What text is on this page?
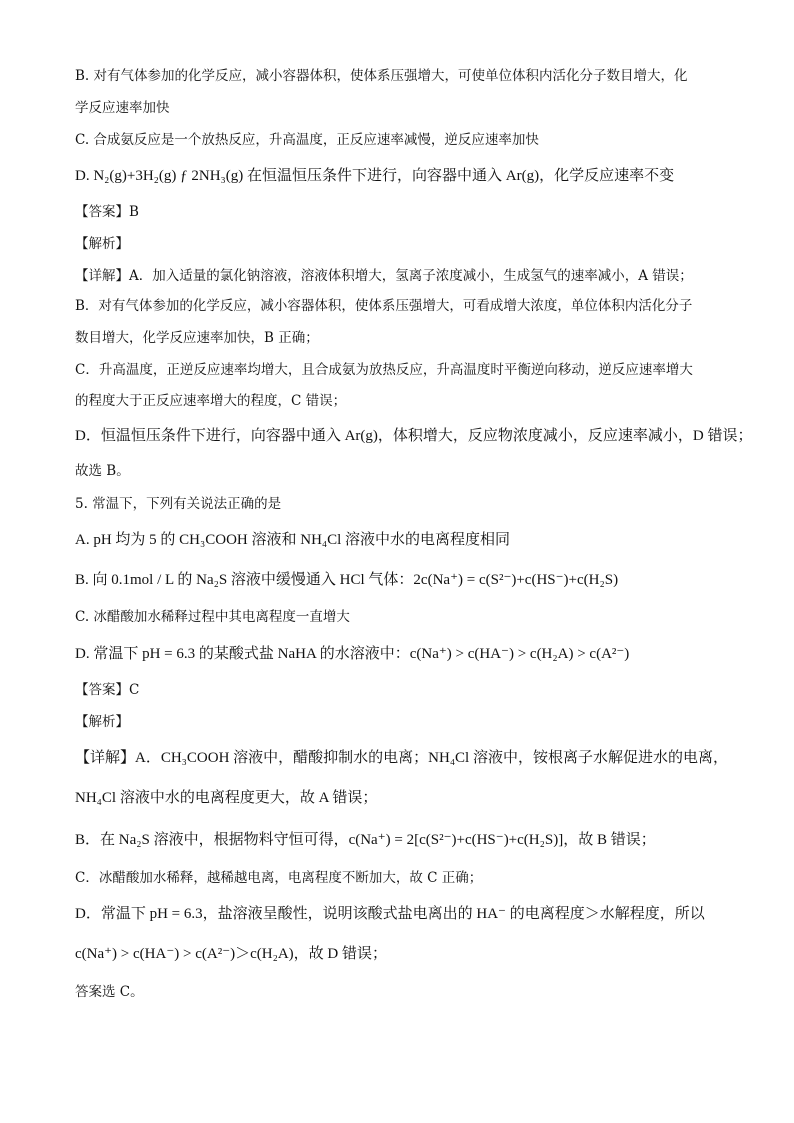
B. 对有气体参加的化学反应，减小容器体积，使体系压强增大，可使单位体积内活化分子数目增大，化
学反应速率加快
C. 合成氨反应是一个放热反应，升高温度，正反应速率减慢，逆反应速率加快
D. N₂(g)+3H₂(g) ƒ 2NH₃(g) 在恒温恒压条件下进行，向容器中通入 Ar(g)，化学反应速率不变
【答案】B
【解析】
【详解】A．加入适量的氯化钠溶液，溶液体积增大，氢离子浓度减小，生成氢气的速率减小，A 错误；
B．对有气体参加的化学反应，减小容器体积，使体系压强增大，可看成增大浓度，单位体积内活化分子
数目增大，化学反应速率加快，B 正确；
C．升高温度，正逆反应速率均增大，且合成氨为放热反应，升高温度时平衡逆向移动，逆反应速率增大
的程度大于正反应速率增大的程度，C 错误；
D．恒温恒压条件下进行，向容器中通入 Ar(g)，体积增大，反应物浓度减小，反应速率减小，D 错误；
故选 B。
5. 常温下，下列有关说法正确的是
A. pH 均为 5 的 CH₃COOH 溶液和 NH₄Cl 溶液中水的电离程度相同
B. 向 0.1mol / L 的 Na₂S 溶液中缓慢通入 HCl 气体：2c(Na⁺) = c(S²⁻)+c(HS⁻)+c(H₂S)
C. 冰醋酸加水稀释过程中其电离程度一直增大
D. 常温下 pH = 6.3 的某酸式盐 NaHA 的水溶液中：c(Na⁺) > c(HA⁻) > c(H₂A) > c(A²⁻)
【答案】C
【解析】
【详解】A．CH₃COOH 溶液中，醋酸抑制水的电离；NH₄Cl 溶液中，铵根离子水解促进水的电离，
NH₄Cl 溶液中水的电离程度更大，故 A 错误；
B．在 Na₂S 溶液中，根据物料守恒可得，c(Na⁺) = 2[c(S²⁻)+c(HS⁻)+c(H₂S)]，故 B 错误；
C．冰醋酸加水稀释，越稀越电离，电离程度不断加大，故 C 正确；
D．常温下 pH = 6.3，盐溶液呈酸性，说明该酸式盐电离出的 HA⁻ 的电离程度＞水解程度，所以
c(Na⁺) > c(HA⁻) > c(A²⁻)＞c(H₂A)，故 D 错误；
答案选 C。
